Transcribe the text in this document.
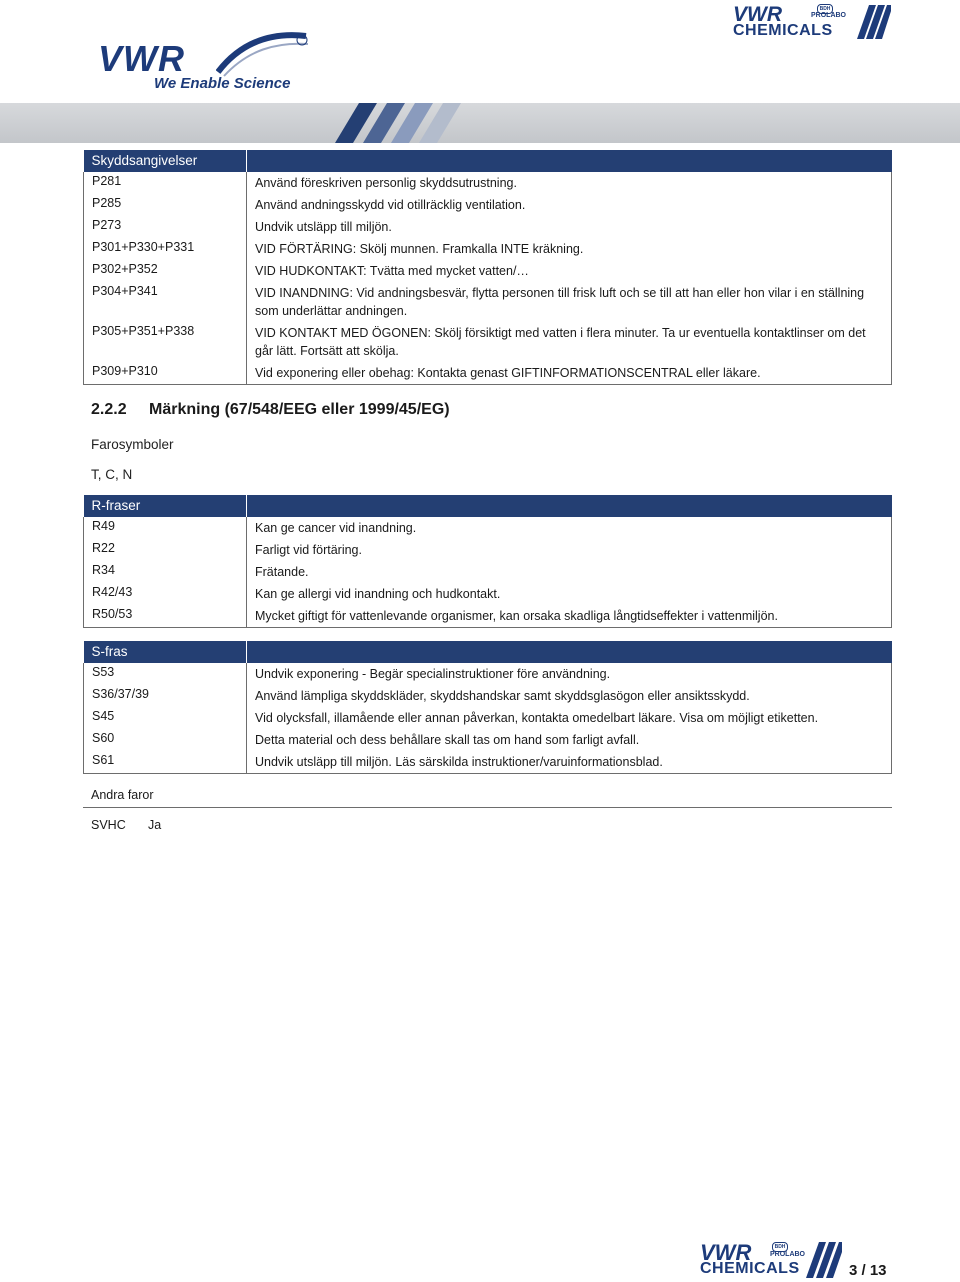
VWR
We Enable Science
VWR	BDH
PROLABO
CHEMICALS
Skyddsangivelser	
P281	Använd föreskriven personlig skyddsutrustning.
P285	Använd andningsskydd vid otillräcklig ventilation.
P273	Undvik utsläpp till miljön.
P301+P330+P331	VID FÖRTÄRING: Skölj munnen. Framkalla INTE kräkning.
P302+P352	VID HUDKONTAKT: Tvätta med mycket vatten/…
P304+P341	VID INANDNING: Vid andningsbesvär, flytta personen till frisk luft och se till att han eller hon vilar i en ställning som underlättar andningen.
P305+P351+P338	VID KONTAKT MED ÖGONEN: Skölj försiktigt med vatten i flera minuter. Ta ur eventuella kontaktlinser om det går lätt. Fortsätt att skölja.
P309+P310	Vid exponering eller obehag: Kontakta genast GIFTINFORMATIONSCENTRAL eller läkare.
2.2.2 Märkning (67/548/EEG eller 1999/45/EG)
Farosymboler
T, C, N
R-fraser	
R49	Kan ge cancer vid inandning.
R22	Farligt vid förtäring.
R34	Frätande.
R42/43	Kan ge allergi vid inandning och hudkontakt.
R50/53	Mycket giftigt för vattenlevande organismer, kan orsaka skadliga långtidseffekter i vattenmiljön.
S-fras	
S53	Undvik exponering - Begär specialinstruktioner före användning.
S36/37/39	Använd lämpliga skyddskläder, skyddshandskar samt skyddsglasögon eller ansiktsskydd.
S45	Vid olycksfall, illamående eller annan påverkan, kontakta omedelbart läkare. Visa om möjligt etiketten.
S60	Detta material och dess behållare skall tas om hand som farligt avfall.
S61	Undvik utsläpp till miljön. Läs särskilda instruktioner/varuinformationsblad.
Andra faror
SVHC Ja
VWR	BDH
PROLABO
CHEMICALS	3 / 13
